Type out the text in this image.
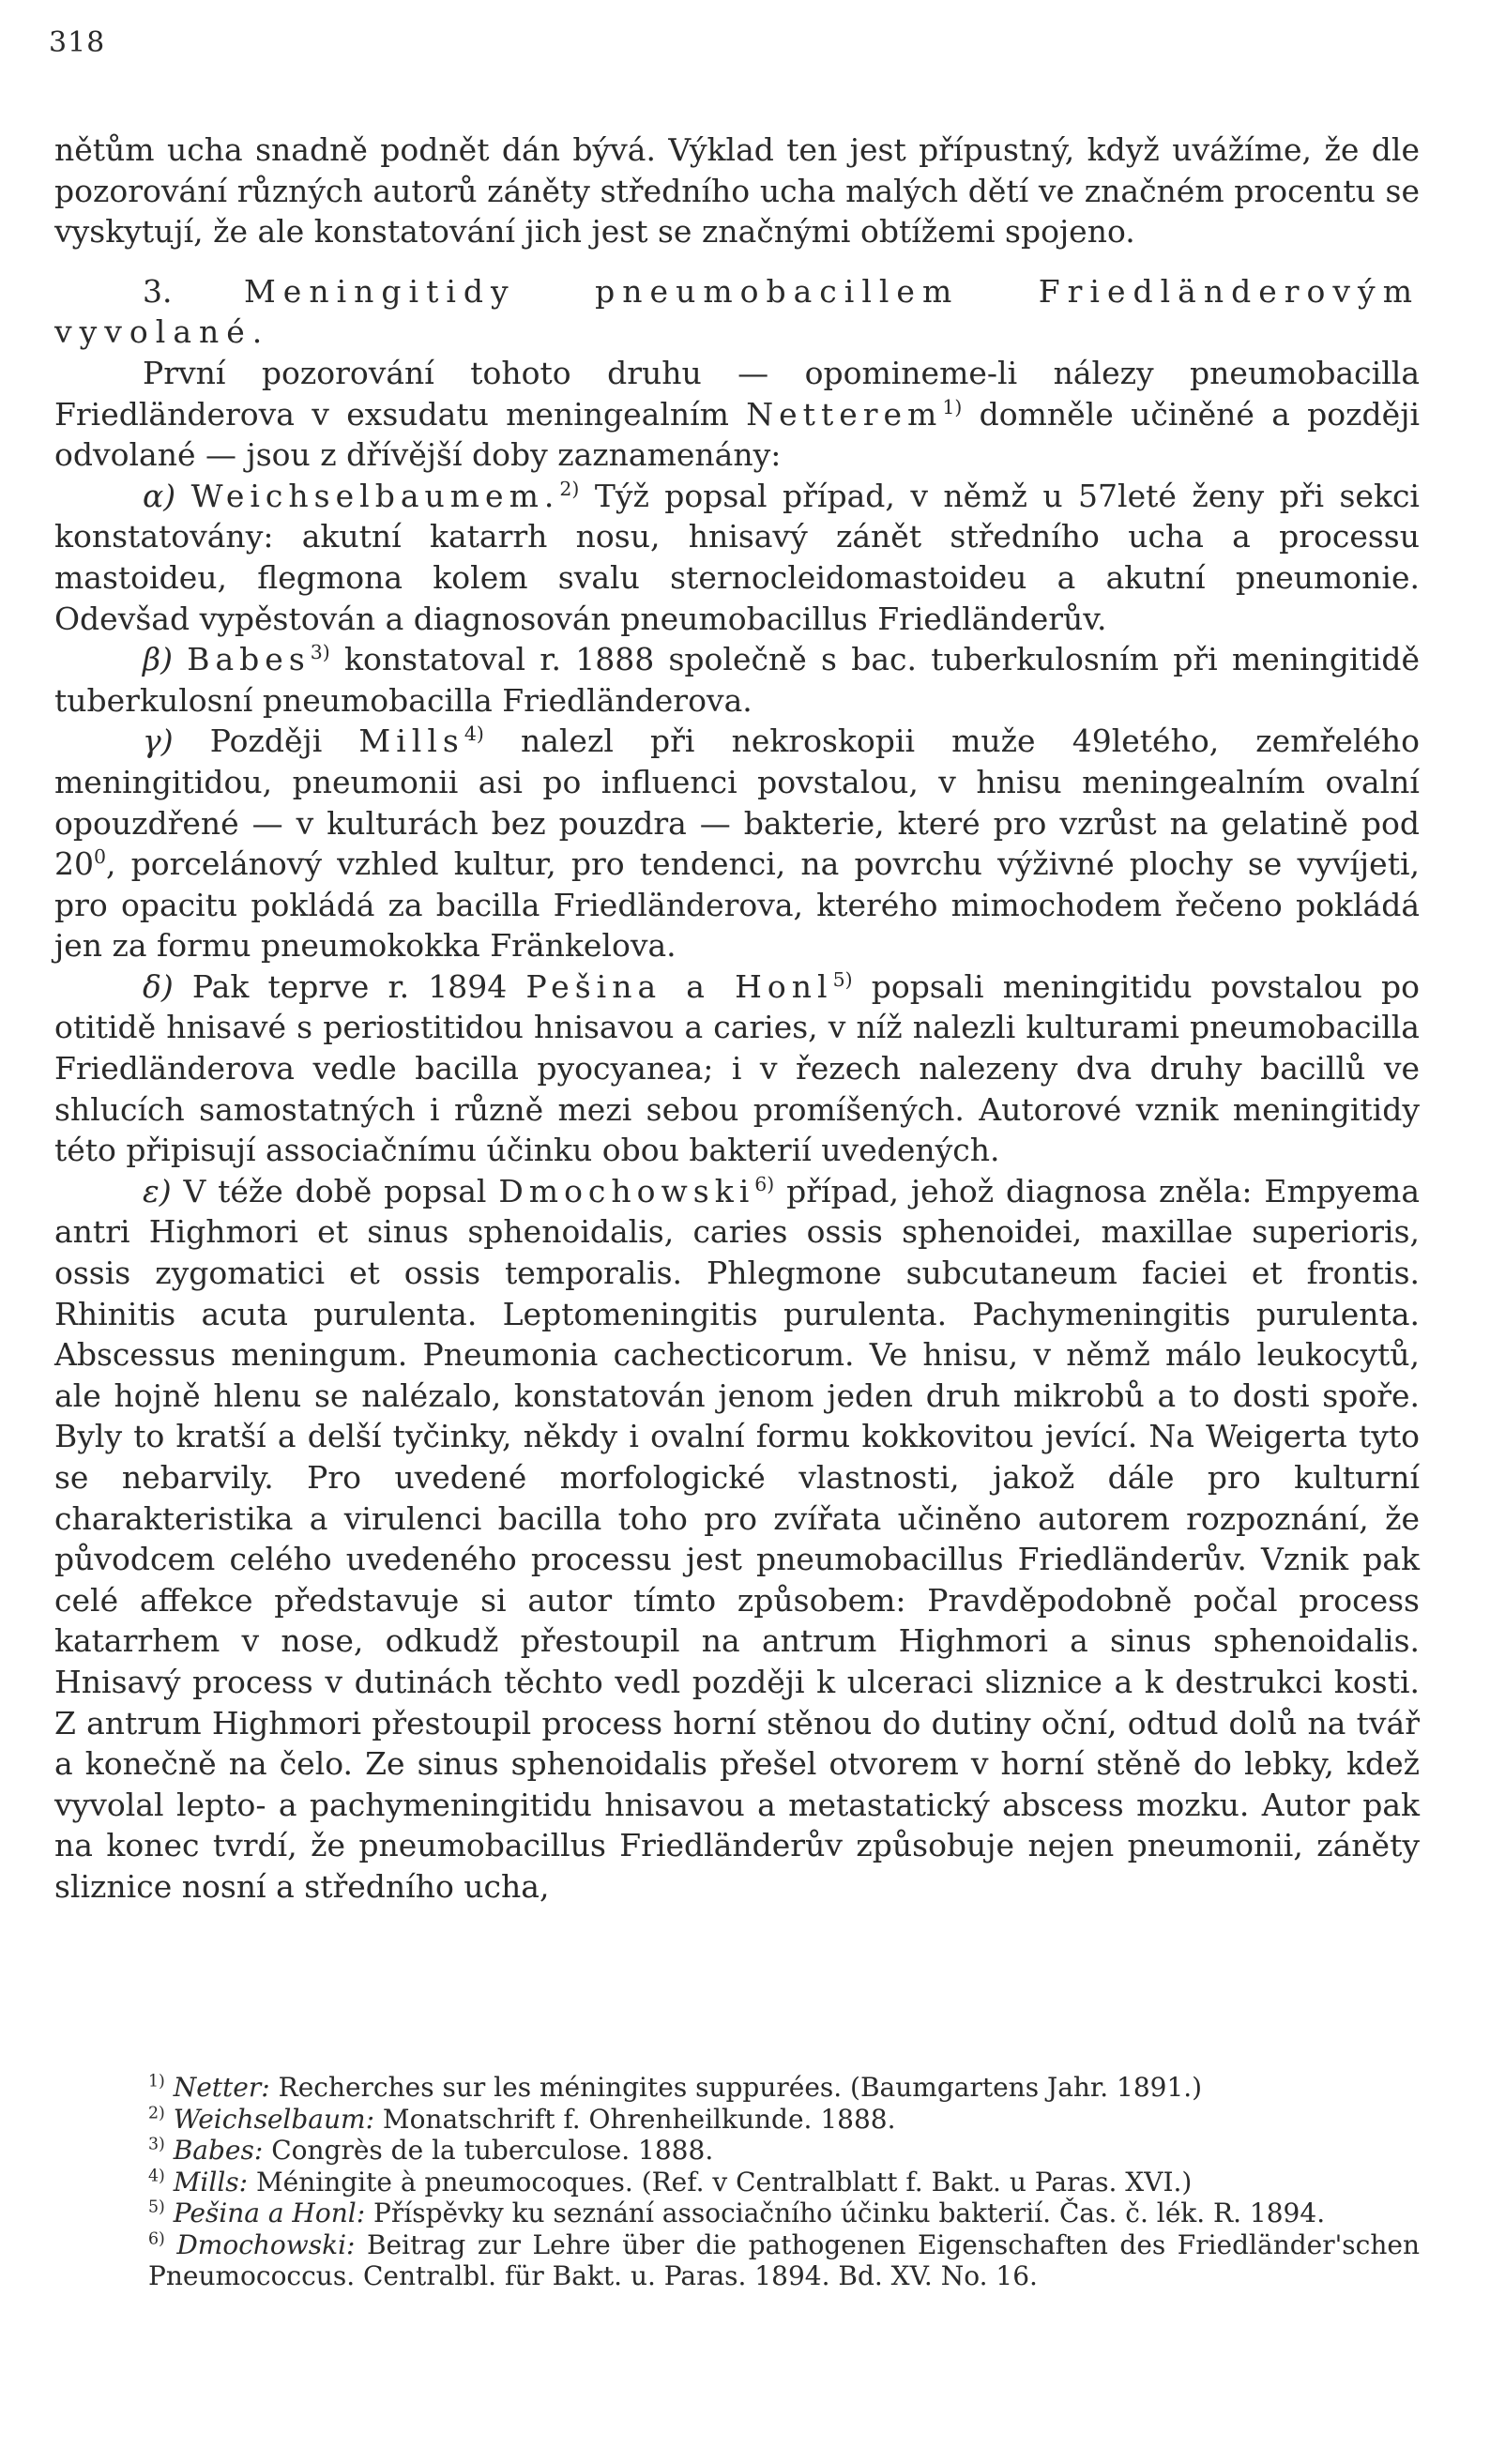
318

nětům ucha snadně podnět dán bývá. Výklad ten jest přípustný, když uvážíme, že dle pozorování různých autorů záněty středního ucha malých dětí ve značném procentu se vyskytují, že ale konstatování jich jest se značnými obtížemi spojeno.

3. Meningitidy pneumobacillem Friedländerovým vyvolané.

První pozorování tohoto druhu — opomineme-li nálezy pneumobacilla Friedländerova v exsudatu meningealním Netterem$^{1)}$ domněle učiněné a později odvolané — jsou z dřívější doby zaznamenány:

α) Weichselbaumem.$^{2)}$ Týž popsal případ, v němž u 57leté ženy při sekci konstatovány: akutní katarrh nosu, hnisavý zánět středního ucha a processu mastoideu, flegmona kolem svalu sternocleidomastoideu a akutní pneumonie. Odevšad vypěstován a diagnosován pneumobacillus Friedländerův.

β) Babes$^{3)}$ konstatoval r. 1888 společně s bac. tuberkulosním při meningitidě tuberkulosní pneumobacilla Friedländerova.

γ) Později Mills$^{4)}$ nalezl při nekroskopii muže 49letého, zemřelého meningitidou, pneumonii asi po influenci povstalou, v hnisu meningealním ovalní opouzdřené — v kulturách bez pouzdra — bakterie, které pro vzrůst na gelatině pod $20^0$, porcelánový vzhled kultur, pro tendenci, na povrchu výživné plochy se vyvíjeti, pro opacitu pokládá za bacilla Friedländerova, kterého mimochodem řečeno pokládá jen za formu pneumokokka Fränkelova.

δ) Pak teprve r. 1894 Pešina a Honl$^{5)}$ popsali meningitidu povstalou po otitidě hnisavé s periostitidou hnisavou a caries, v níž nalezli kulturami pneumobacilla Friedländerova vedle bacilla pyocyanea; i v řezech nalezeny dva druhy bacillů ve shlucích samostatných i různě mezi sebou promíšených. Autorové vznik meningitidy této připisují associačnímu účinku obou bakterií uvedených.

ε) V téže době popsal Dmochowski$^{6)}$ případ, jehož diagnosa zněla: Empyema antri Highmori et sinus sphenoidalis, caries ossis sphenoidei, maxillae superioris, ossis zygomatici et ossis temporalis. Phlegmone subcutaneum faciei et frontis. Rhinitis acuta purulenta. Leptomeningitis purulenta. Pachymeningitis purulenta. Abscessus meningum. Pneumonia cachecticorum. Ve hnisu, v němž málo leukocytů, ale hojně hlenu se nalézalo, konstatován jenom jeden druh mikrobů a to dosti spoře. Byly to kratší a delší tyčinky, někdy i ovalní formu kokkovitou jevící. Na Weigerta tyto se nebarvily. Pro uvedené morfologické vlastnosti, jakož dále pro kulturní charakteristika a virulenci bacilla toho pro zvířata učiněno autorem rozpoznání, že původcem celého uvedeného processu jest pneumobacillus Friedländerův. Vznik pak celé affekce představuje si autor tímto způsobem: Pravděpodobně počal process katarrhem v nose, odkudž přestoupil na antrum Highmori a sinus sphenoidalis. Hnisavý process v dutinách těchto vedl později k ulceraci sliznice a k destrukci kosti. Z antrum Highmori přestoupil process horní stěnou do dutiny oční, odtud dolů na tvář a konečně na čelo. Ze sinus sphenoidalis přešel otvorem v horní stěně do lebky, kdež vyvolal lepto- a pachymeningitidu hnisavou a metastatický abscess mozku. Autor pak na konec tvrdí, že pneumobacillus Friedländerův způsobuje nejen pneumonii, záněty sliznice nosní a středního ucha,

$^{1)}$ Netter: Recherches sur les méningites suppurées. (Baumgartens Jahr. 1891.)

$^{2)}$ Weichselbaum: Monatschrift f. Ohrenheilkunde. 1888.

$^{3)}$ Babes: Congrès de la tuberculose. 1888.

$^{4)}$ Mills: Méningite à pneumocoques. (Ref. v Centralblatt f. Bakt. u Paras. XVI.)

$^{5)}$ Pešina a Honl: Příspěvky ku seznání associačního účinku bakterií. Čas. č. lék. R. 1894.

$^{6)}$ Dmochowski: Beitrag zur Lehre über die pathogenen Eigenschaften des Friedländer'schen Pneumococcus. Centralbl. für Bakt. u. Paras. 1894. Bd. XV. No. 16.
